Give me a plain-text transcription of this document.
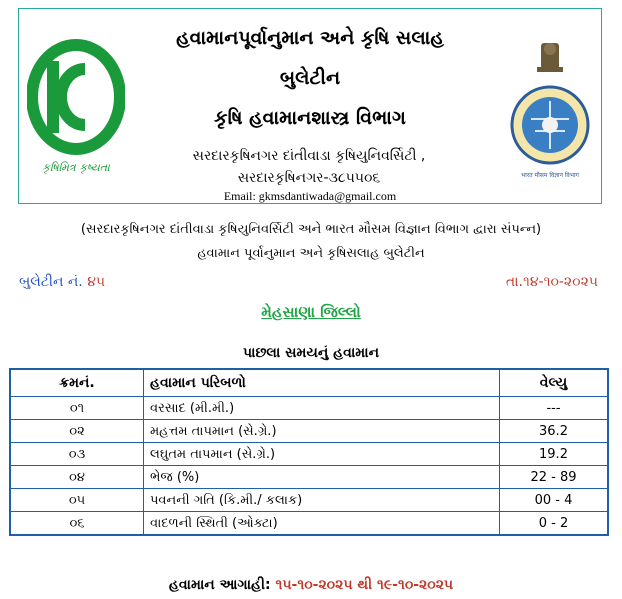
કૃષિમિત્ર કૃષ્યતા
હવામાનપૂર્વાનુમાન અને કૃષિ સલાહ
બુલેટીન
કૃષિ હવામાનશાસ્ત્ર વિભાગ
સરદારકૃષિનગર દાંતીવાડા કૃષિયુનિવર્સિટી , સરદારકૃષિનગર-૩૮૫૫૦૬
Email: gkmsdantiwada@gmail.com
भारत मौसम विज्ञान विभाग
(સરદારકૃષિનગર દાંતીવાડા કૃષિયુનિવર્સિટી અને ભારત મૌસમ વિજ્ઞાન વિભાગ દ્વારા સંપન્ન)
હવામાન પૂર્વાનુમાન અને કૃષિસલાહ બુલેટીન
બુલેટીન નં. ૪૫	તા.૧૪-૧૦-૨૦૨૫
મેહસાણા જિલ્લો
પાછલા સમયનું હવામાન
ક્રમનં.	હવામાન પરિબળો	વેલ્યુ
૦૧	વરસાદ (મી.મી.)	---
૦૨	મહત્તમ તાપમાન (સે.ગ્રે.)	36.2
૦૩	લઘુતમ તાપમાન (સે.ગ્રે.)	19.2
૦૪	ભેજ (%)	22 - 89
૦૫	પવનની ગતિ (કિ.મી./ કલાક)	00 - 4
૦૬	વાદળની સ્થિતી (ઓક્ટા)	0 - 2
હવામાન આગાહી: ૧૫-૧૦-૨૦૨૫ થી ૧૯-૧૦-૨૦૨૫
